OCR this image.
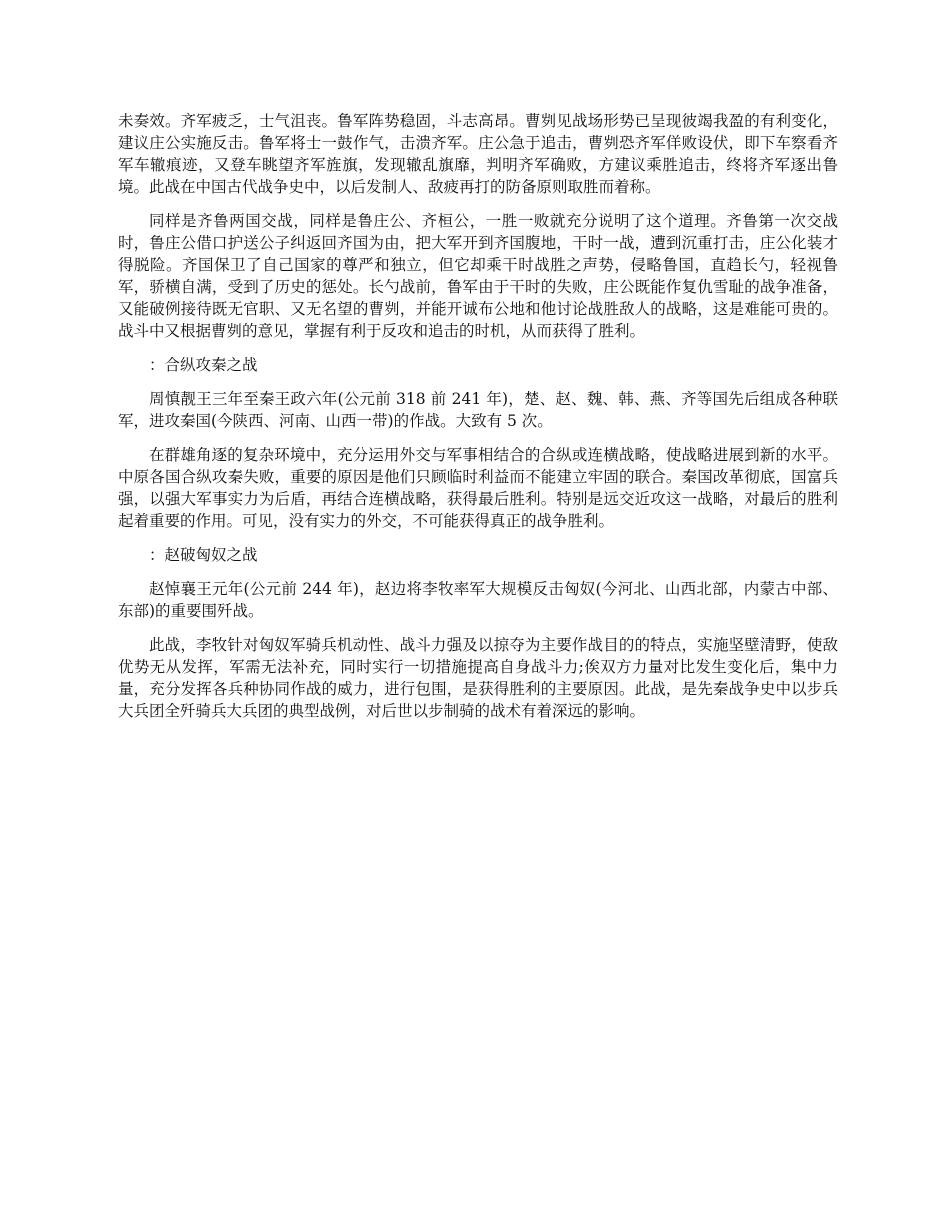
未奏效。齐军疲乏，士气沮丧。鲁军阵势稳固，斗志高昂。曹刿见战场形势已呈现彼竭我盈的有利变化，建议庄公实施反击。鲁军将士一鼓作气，击溃齐军。庄公急于追击，曹刿恐齐军佯败设伏，即下车察看齐军车辙痕迹，又登车眺望齐军旌旗，发现辙乱旗靡，判明齐军确败，方建议乘胜追击，终将齐军逐出鲁境。此战在中国古代战争史中，以后发制人、敌疲再打的防备原则取胜而着称。

同样是齐鲁两国交战，同样是鲁庄公、齐桓公，一胜一败就充分说明了这个道理。齐鲁第一次交战时，鲁庄公借口护送公子纠返回齐国为由，把大军开到齐国腹地，干时一战，遭到沉重打击，庄公化装才得脱险。齐国保卫了自己国家的尊严和独立，但它却乘干时战胜之声势，侵略鲁国，直趋长勺，轻视鲁军，骄横自满，受到了历史的惩处。长勺战前，鲁军由于干时的失败，庄公既能作复仇雪耻的战争准备，又能破例接待既无官职、又无名望的曹刿，并能开诚布公地和他讨论战胜敌人的战略，这是难能可贵的。战斗中又根据曹刿的意见，掌握有利于反攻和追击的时机，从而获得了胜利。

：合纵攻秦之战

周慎靓王三年至秦王政六年(公元前 318 前 241 年)，楚、赵、魏、韩、燕、齐等国先后组成各种联军，进攻秦国(今陕西、河南、山西一带)的作战。大致有 5 次。

在群雄角逐的复杂环境中，充分运用外交与军事相结合的合纵或连横战略，使战略进展到新的水平。中原各国合纵攻秦失败，重要的原因是他们只顾临时利益而不能建立牢固的联合。秦国改革彻底，国富兵强，以强大军事实力为后盾，再结合连横战略，获得最后胜利。特别是远交近攻这一战略，对最后的胜利起着重要的作用。可见，没有实力的外交，不可能获得真正的战争胜利。

：赵破匈奴之战

赵悼襄王元年(公元前 244 年)，赵边将李牧率军大规模反击匈奴(今河北、山西北部，内蒙古中部、东部)的重要围歼战。

此战，李牧针对匈奴军骑兵机动性、战斗力强及以掠夺为主要作战目的的特点，实施坚壁清野，使敌优势无从发挥，军需无法补充，同时实行一切措施提高自身战斗力;俟双方力量对比发生变化后，集中力量，充分发挥各兵种协同作战的威力，进行包围，是获得胜利的主要原因。此战，是先秦战争史中以步兵大兵团全歼骑兵大兵团的典型战例，对后世以步制骑的战术有着深远的影响。
